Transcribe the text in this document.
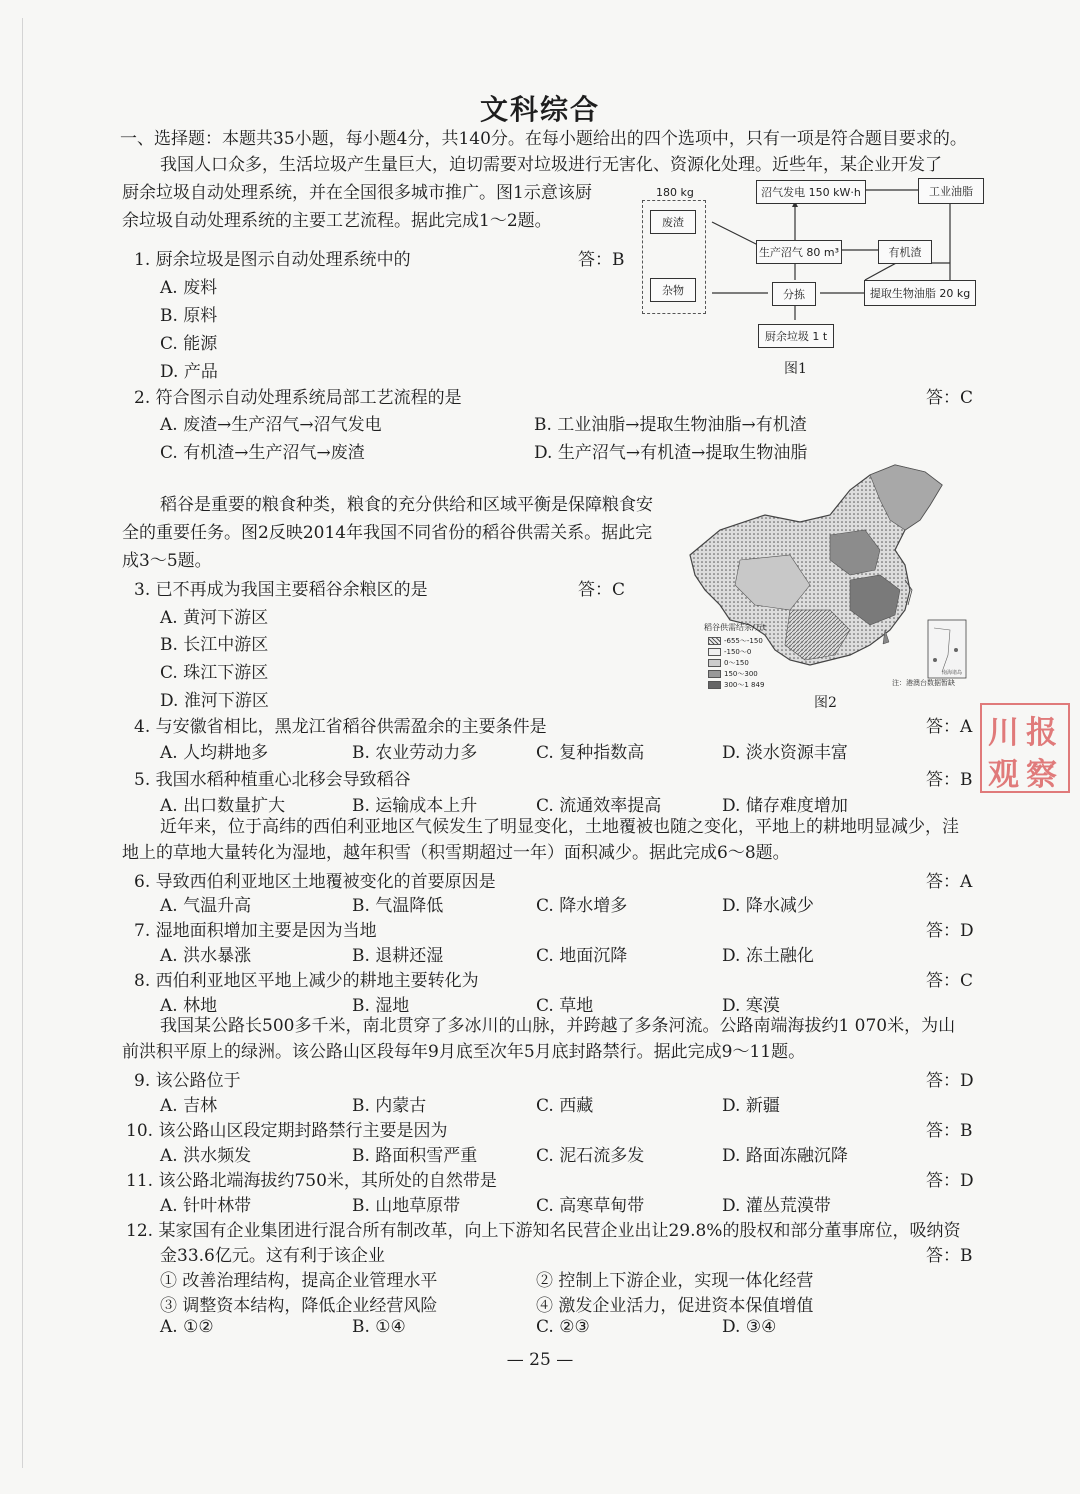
文科综合
一、选择题：本题共35小题，每小题4分，共140分。在每小题给出的四个选项中，只有一项是符合题目要求的。
我国人口众多，生活垃圾产生量巨大，迫切需要对垃圾进行无害化、资源化处理。近些年，某企业开发了
厨余垃圾自动处理系统，并在全国很多城市推广。图1示意该厨
余垃圾自动处理系统的主要工艺流程。据此完成1～2题。
180 kg
废渣
杂物
沼气发电 150 kW·h	工业油脂
生产沼气 80 m³	有机渣
分拣	提取生物油脂 20 kg
厨余垃圾 1 t
图1
1. 厨余垃圾是图示自动处理系统中的	答：B
A. 废料
B. 原料
C. 能源
D. 产品
2. 符合图示自动处理系统局部工艺流程的是	答：C
A. 废渣→生产沼气→沼气发电	B. 工业油脂→提取生物油脂→有机渣
C. 有机渣→生产沼气→废渣	D. 生产沼气→有机渣→提取生物油脂
稻谷是重要的粮食种类，粮食的充分供给和区域平衡是保障粮食安
全的重要任务。图2反映2014年我国不同省份的稻谷供需关系。据此完
成3～5题。
南海诸岛
稻谷供需结余/万t
-655～-150
-150～0
0～150
150～300
300～1 849	注：港澳台数据暂缺
图2
3. 已不再成为我国主要稻谷余粮区的是	答：C
A. 黄河下游区
B. 长江中游区
C. 珠江下游区
D. 淮河下游区
4. 与安徽省相比，黑龙江省稻谷供需盈余的主要条件是	答：A
A. 人均耕地多	B. 农业劳动力多	C. 复种指数高	D. 淡水资源丰富
5. 我国水稻种植重心北移会导致稻谷	答：B
A. 出口数量扩大	B. 运输成本上升	C. 流通效率提高	D. 储存难度增加
川 报
观 察
近年来，位于高纬的西伯利亚地区气候发生了明显变化，土地覆被也随之变化，平地上的耕地明显减少，洼
地上的草地大量转化为湿地，越年积雪（积雪期超过一年）面积减少。据此完成6～8题。
6. 导致西伯利亚地区土地覆被变化的首要原因是	答：A
A. 气温升高	B. 气温降低	C. 降水增多	D. 降水减少
7. 湿地面积增加主要是因为当地	答：D
A. 洪水暴涨	B. 退耕还湿	C. 地面沉降	D. 冻土融化
8. 西伯利亚地区平地上减少的耕地主要转化为	答：C
A. 林地	B. 湿地	C. 草地	D. 寒漠
我国某公路长500多千米，南北贯穿了多冰川的山脉，并跨越了多条河流。公路南端海拔约1 070米，为山
前洪积平原上的绿洲。该公路山区段每年9月底至次年5月底封路禁行。据此完成9～11题。
9. 该公路位于	答：D
A. 吉林	B. 内蒙古	C. 西藏	D. 新疆
10. 该公路山区段定期封路禁行主要是因为	答：B
A. 洪水频发	B. 路面积雪严重	C. 泥石流多发	D. 路面冻融沉降
11. 该公路北端海拔约750米，其所处的自然带是	答：D
A. 针叶林带	B. 山地草原带	C. 高寒草甸带	D. 灌丛荒漠带
12. 某家国有企业集团进行混合所有制改革，向上下游知名民营企业出让29.8%的股权和部分董事席位，吸纳资
金33.6亿元。这有利于该企业	答：B
① 改善治理结构，提高企业管理水平	② 控制上下游企业，实现一体化经营
③ 调整资本结构，降低企业经营风险	④ 激发企业活力，促进资本保值增值
A. ①②	B. ①④	C. ②③	D. ③④
— 25 —
